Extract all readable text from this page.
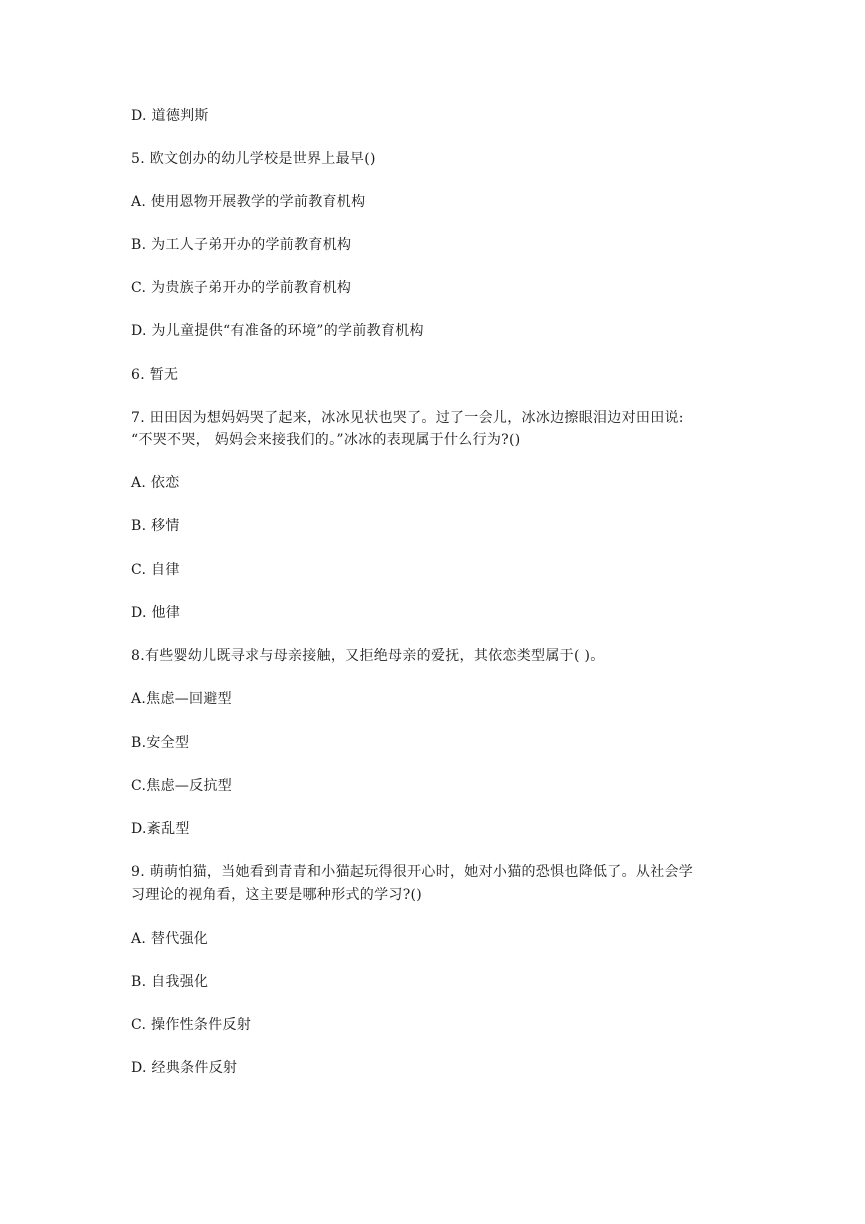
D. 道德判斯
5. 欧文创办的幼儿学校是世界上最早()
A. 使用恩物开展教学的学前教育机构
B. 为工人子弟开办的学前教育机构
C. 为贵族子弟开办的学前教育机构
D. 为儿童提供“有准备的环境”的学前教育机构
6. 暂无
7. 田田因为想妈妈哭了起来，冰冰见状也哭了。过了一会儿，冰冰边擦眼泪边对田田说:
“不哭不哭， 妈妈会来接我们的。”冰冰的表现属于什么行为?()
A. 依恋
B. 移情
C. 自律
D. 他律
8.有些婴幼儿既寻求与母亲接触，又拒绝母亲的爱抚，其依恋类型属于( )。
A.焦虑—回避型
B.安全型
C.焦虑—反抗型
D.紊乱型
9. 萌萌怕猫，当她看到青青和小猫起玩得很开心时，她对小猫的恐惧也降低了。从社会学
习理论的视角看，这主要是哪种形式的学习?()
A. 替代强化
B. 自我强化
C. 操作性条件反射
D. 经典条件反射
